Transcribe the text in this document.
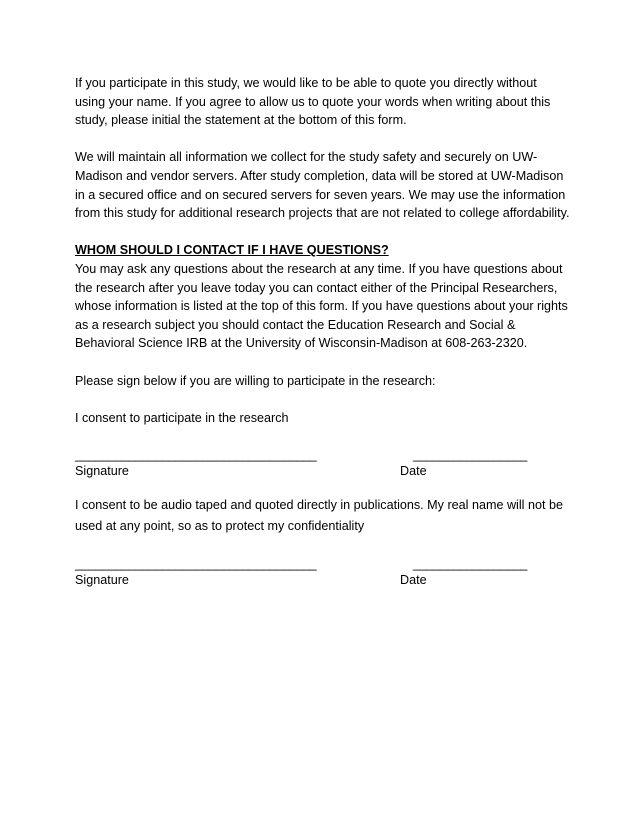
If you participate in this study, we would like to be able to quote you directly without using your name. If you agree to allow us to quote your words when writing about this study, please initial the statement at the bottom of this form.

We will maintain all information we collect for the study safety and securely on UW-Madison and vendor servers. After study completion, data will be stored at UW-Madison in a secured office and on secured servers for seven years. We may use the information from this study for additional research projects that are not related to college affordability.

WHOM SHOULD I CONTACT IF I HAVE QUESTIONS?

You may ask any questions about the research at any time. If you have questions about the research after you leave today you can contact either of the Principal Researchers, whose information is listed at the top of this form. If you have questions about your rights as a research subject you should contact the Education Research and Social & Behavioral Science IRB at the University of Wisconsin-Madison at 608-263-2320.

Please sign below if you are willing to participate in the research:

I consent to participate in the research

____________________________________	_________________
Signature	Date

I consent to be audio taped and quoted directly in publications. My real name will not be used at any point, so as to protect my confidentiality

____________________________________	_________________
Signature	Date
